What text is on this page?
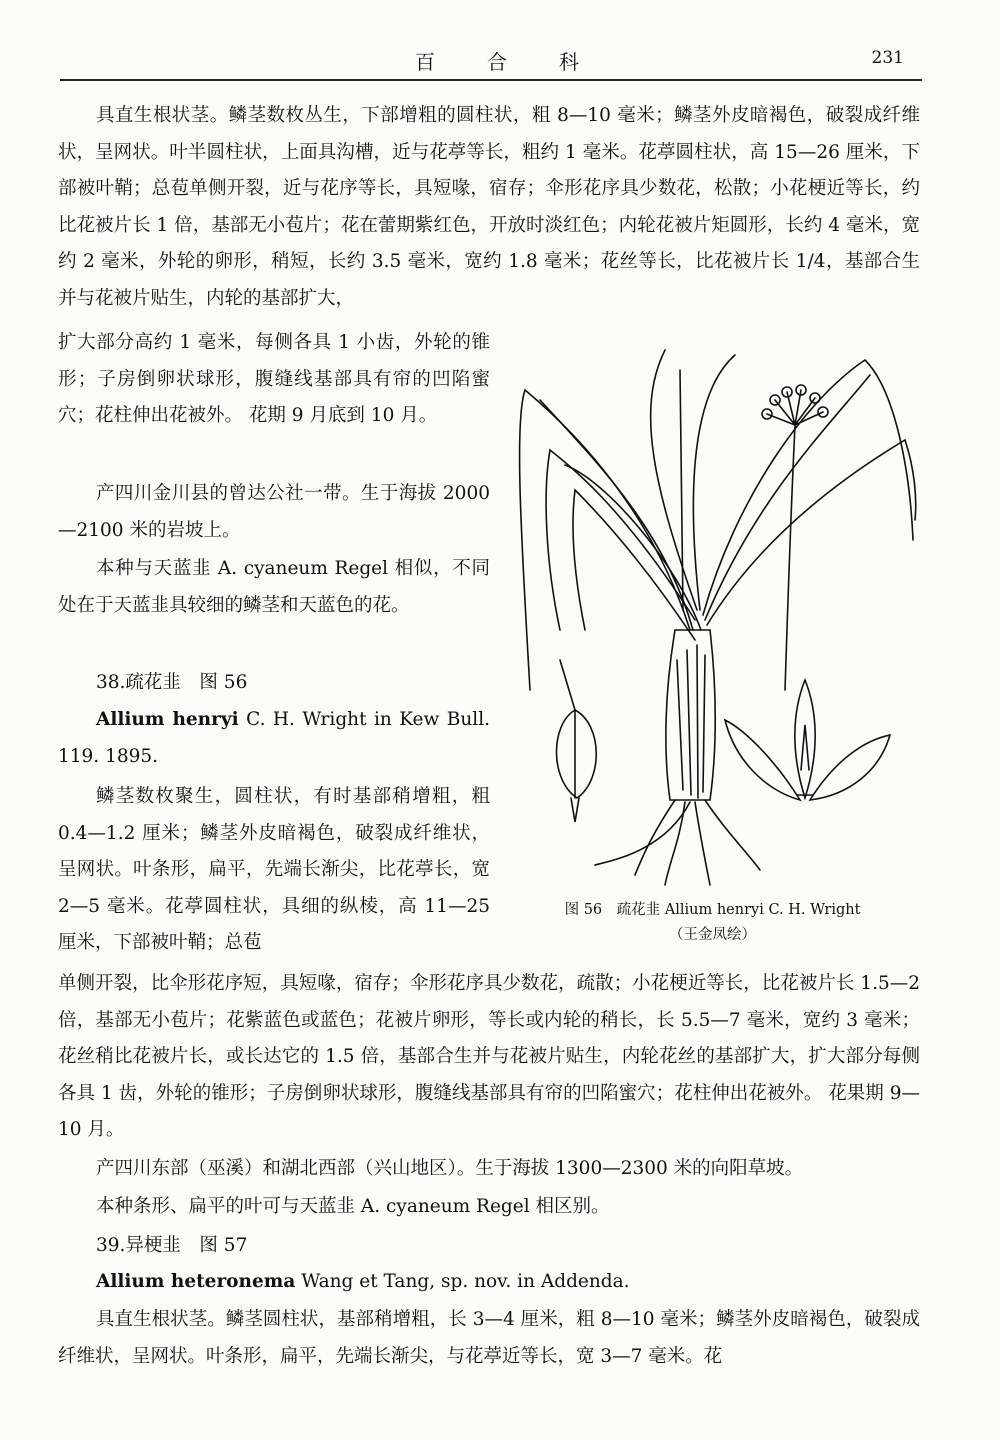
百合科	231

具直生根状茎。鳞茎数枚丛生，下部增粗的圆柱状，粗 8—10 毫米；鳞茎外皮暗褐色，破裂成纤维状，呈网状。叶半圆柱状，上面具沟槽，近与花葶等长，粗约 1 毫米。花葶圆柱状，高 15—26 厘米，下部被叶鞘；总苞单侧开裂，近与花序等长，具短喙，宿存；伞形花序具少数花，松散；小花梗近等长，约比花被片长 1 倍，基部无小苞片；花在蕾期紫红色，开放时淡红色；内轮花被片矩圆形，长约 4 毫米，宽约 2 毫米，外轮的卵形，稍短，长约 3.5 毫米，宽约 1.8 毫米；花丝等长，比花被片长 1/4，基部合生并与花被片贴生，内轮的基部扩大，

扩大部分高约 1 毫米，每侧各具 1 小齿，外轮的锥形；子房倒卵状球形，腹缝线基部具有帘的凹陷蜜穴；花柱伸出花被外。 花期 9 月底到 10 月。

产四川金川县的曾达公社一带。生于海拔 2000—2100 米的岩坡上。

本种与天蓝韭 A. cyaneum Regel 相似，不同处在于天蓝韭具较细的鳞茎和天蓝色的花。

38.疏花韭　图 56

Allium henryi C. H. Wright in Kew Bull. 119. 1895.

鳞茎数枚聚生，圆柱状，有时基部稍增粗，粗 0.4—1.2 厘米；鳞茎外皮暗褐色，破裂成纤维状，呈网状。叶条形，扁平，先端长渐尖，比花葶长，宽 2—5 毫米。花葶圆柱状，具细的纵棱，高 11—25 厘米，下部被叶鞘；总苞

单侧开裂，比伞形花序短，具短喙，宿存；伞形花序具少数花，疏散；小花梗近等长，比花被片长 1.5—2 倍，基部无小苞片；花紫蓝色或蓝色；花被片卵形，等长或内轮的稍长，长 5.5—7 毫米，宽约 3 毫米；花丝稍比花被片长，或长达它的 1.5 倍，基部合生并与花被片贴生，内轮花丝的基部扩大，扩大部分每侧各具 1 齿，外轮的锥形；子房倒卵状球形，腹缝线基部具有帘的凹陷蜜穴；花柱伸出花被外。 花果期 9—10 月。

产四川东部（巫溪）和湖北西部（兴山地区）。生于海拔 1300—2300 米的向阳草坡。

本种条形、扁平的叶可与天蓝韭 A. cyaneum Regel 相区别。

39.异梗韭　图 57

Allium heteronema Wang et Tang, sp. nov. in Addenda.

具直生根状茎。鳞茎圆柱状，基部稍增粗，长 3—4 厘米，粗 8—10 毫米；鳞茎外皮暗褐色，破裂成纤维状，呈网状。叶条形，扁平，先端长渐尖，与花葶近等长，宽 3—7 毫米。花

图 56　疏花韭 Allium henryi C. H. Wright
（王金凤绘）
